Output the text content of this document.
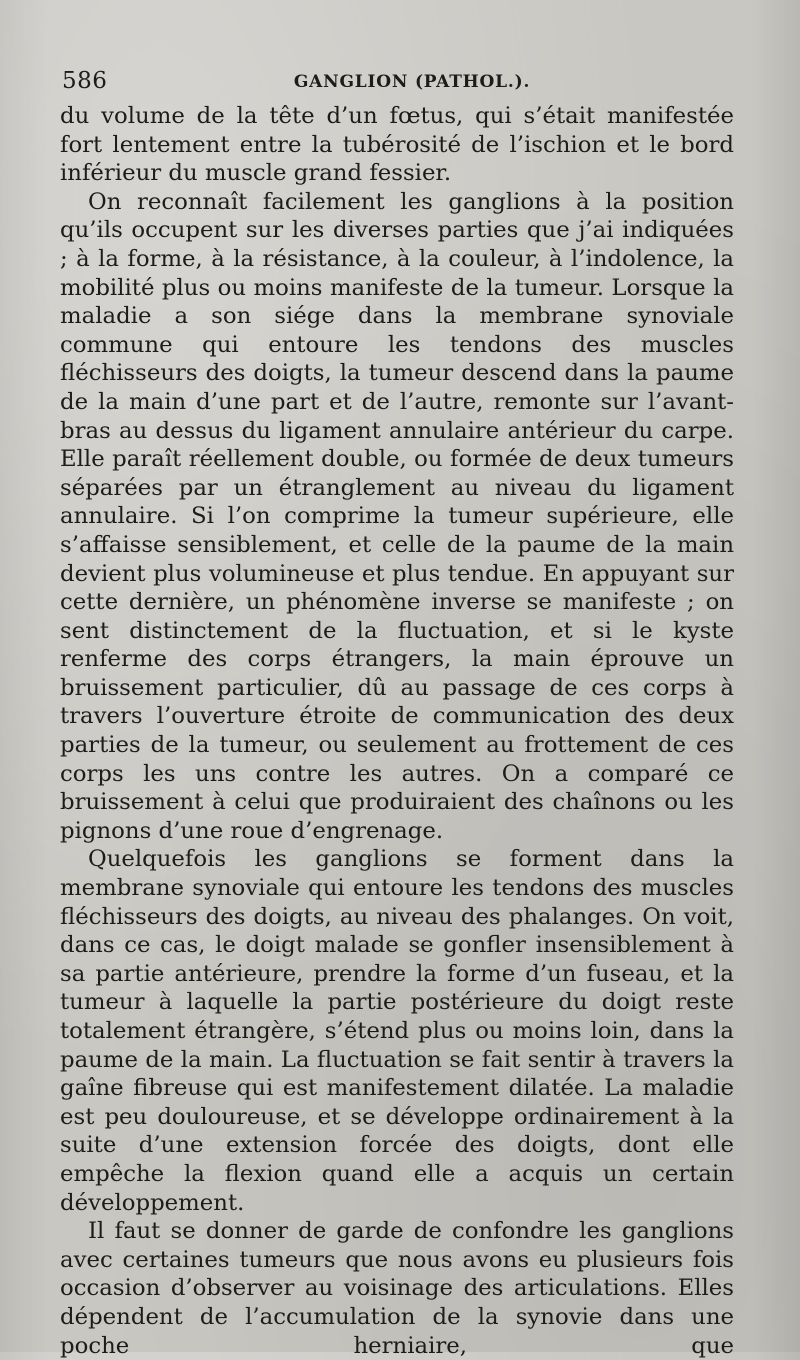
586	GANGLION (PATHOL.).

du volume de la tête d’un fœtus, qui s’était manifestée fort lentement entre la tubérosité de l’ischion et le bord inférieur du muscle grand fessier.

On reconnaît facilement les ganglions à la position qu’ils occupent sur les diverses parties que j’ai indiquées ; à la forme, à la résistance, à la couleur, à l’indolence, la mobilité plus ou moins manifeste de la tumeur. Lorsque la maladie a son siége dans la membrane synoviale commune qui entoure les tendons des muscles fléchisseurs des doigts, la tumeur descend dans la paume de la main d’une part et de l’autre, remonte sur l’avant-bras au dessus du ligament annulaire antérieur du carpe. Elle paraît réellement double, ou formée de deux tumeurs séparées par un étranglement au niveau du ligament annulaire. Si l’on comprime la tumeur supérieure, elle s’affaisse sensiblement, et celle de la paume de la main devient plus volumineuse et plus tendue. En appuyant sur cette dernière, un phénomène inverse se manifeste ; on sent distinctement de la fluctuation, et si le kyste renferme des corps étrangers, la main éprouve un bruissement particulier, dû au passage de ces corps à travers l’ouverture étroite de communication des deux parties de la tumeur, ou seulement au frottement de ces corps les uns contre les autres. On a comparé ce bruissement à celui que produiraient des chaînons ou les pignons d’une roue d’engrenage.

Quelquefois les ganglions se forment dans la membrane synoviale qui entoure les tendons des muscles fléchisseurs des doigts, au niveau des phalanges. On voit, dans ce cas, le doigt malade se gonfler insensiblement à sa partie antérieure, prendre la forme d’un fuseau, et la tumeur à laquelle la partie postérieure du doigt reste totalement étrangère, s’étend plus ou moins loin, dans la paume de la main. La fluctuation se fait sentir à travers la gaîne fibreuse qui est manifestement dilatée. La maladie est peu douloureuse, et se développe ordinairement à la suite d’une extension forcée des doigts, dont elle empêche la flexion quand elle a acquis un certain développement.

Il faut se donner de garde de confondre les ganglions avec certaines tumeurs que nous avons eu plusieurs fois occasion d’observer au voisinage des articulations. Elles dépendent de l’accumulation de la synovie dans une poche herniaire, que
